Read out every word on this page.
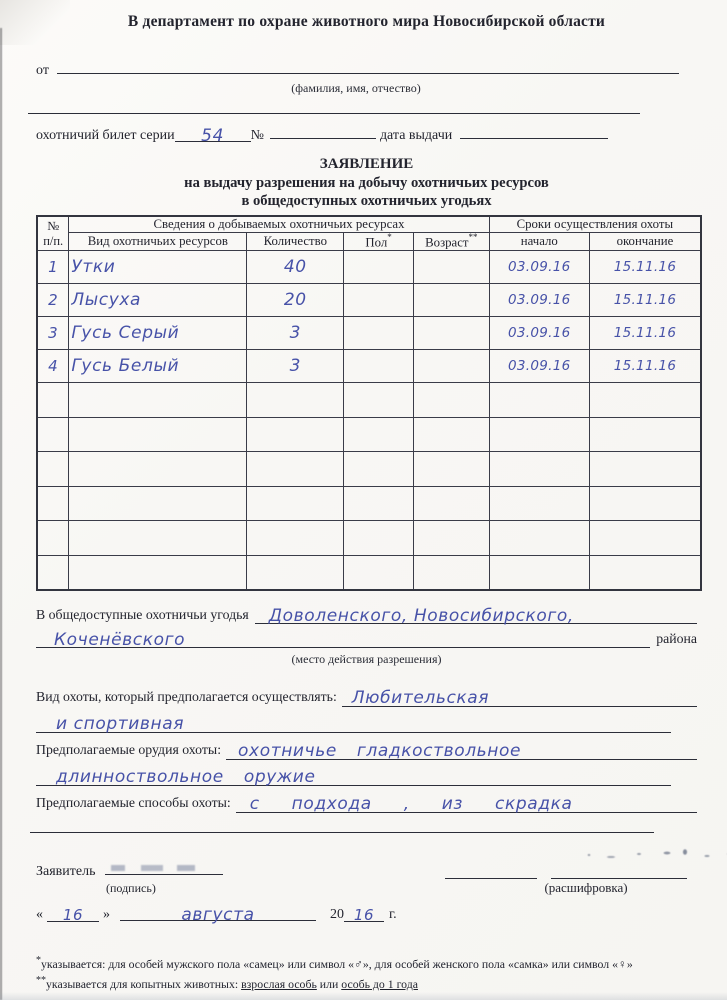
В департамент по охране животного мира Новосибирской области
от
(фамилия, имя, отчество)
охотничий билет серии	54	№	дата выдачи
ЗАЯВЛЕНИЕ
на выдачу разрешения на добычу охотничьих ресурсов
в общедоступных охотничьих угодьях
№
п/п.	Сведения о добываемых охотничьих ресурсах				Сроки осуществления охоты	
	Вид охотничьих ресурсов	Количество	Пол*	Возраст**	начало	окончание
1	Утки	40			03.09.16	15.11.16
2	Лысуха	20			03.09.16	15.11.16
3	Гусь Серый	3			03.09.16	15.11.16
4	Гусь Белый	3			03.09.16	15.11.16

В общедоступные охотничьи угодья	Доволенского, Новосибирского,
Коченёвского	района
(место действия разрешения)
Вид охоты, который предполагается осуществлять: Любительская
и спортивная
Предполагаемые орудия охоты:	охотничье гладкоствольное
длинноствольное оружие
Предполагаемые способы охоты:	с подхода , из скрадка
Заявитель
(подпись)	(расшифровка)
«	16	»	августа	20 16	г.
*указывается: для особей мужского пола «самец» или символ «♂», для особей женского пола «самка» или символ «♀»
**указывается для копытных животных: взрослая особь или особь до 1 года
